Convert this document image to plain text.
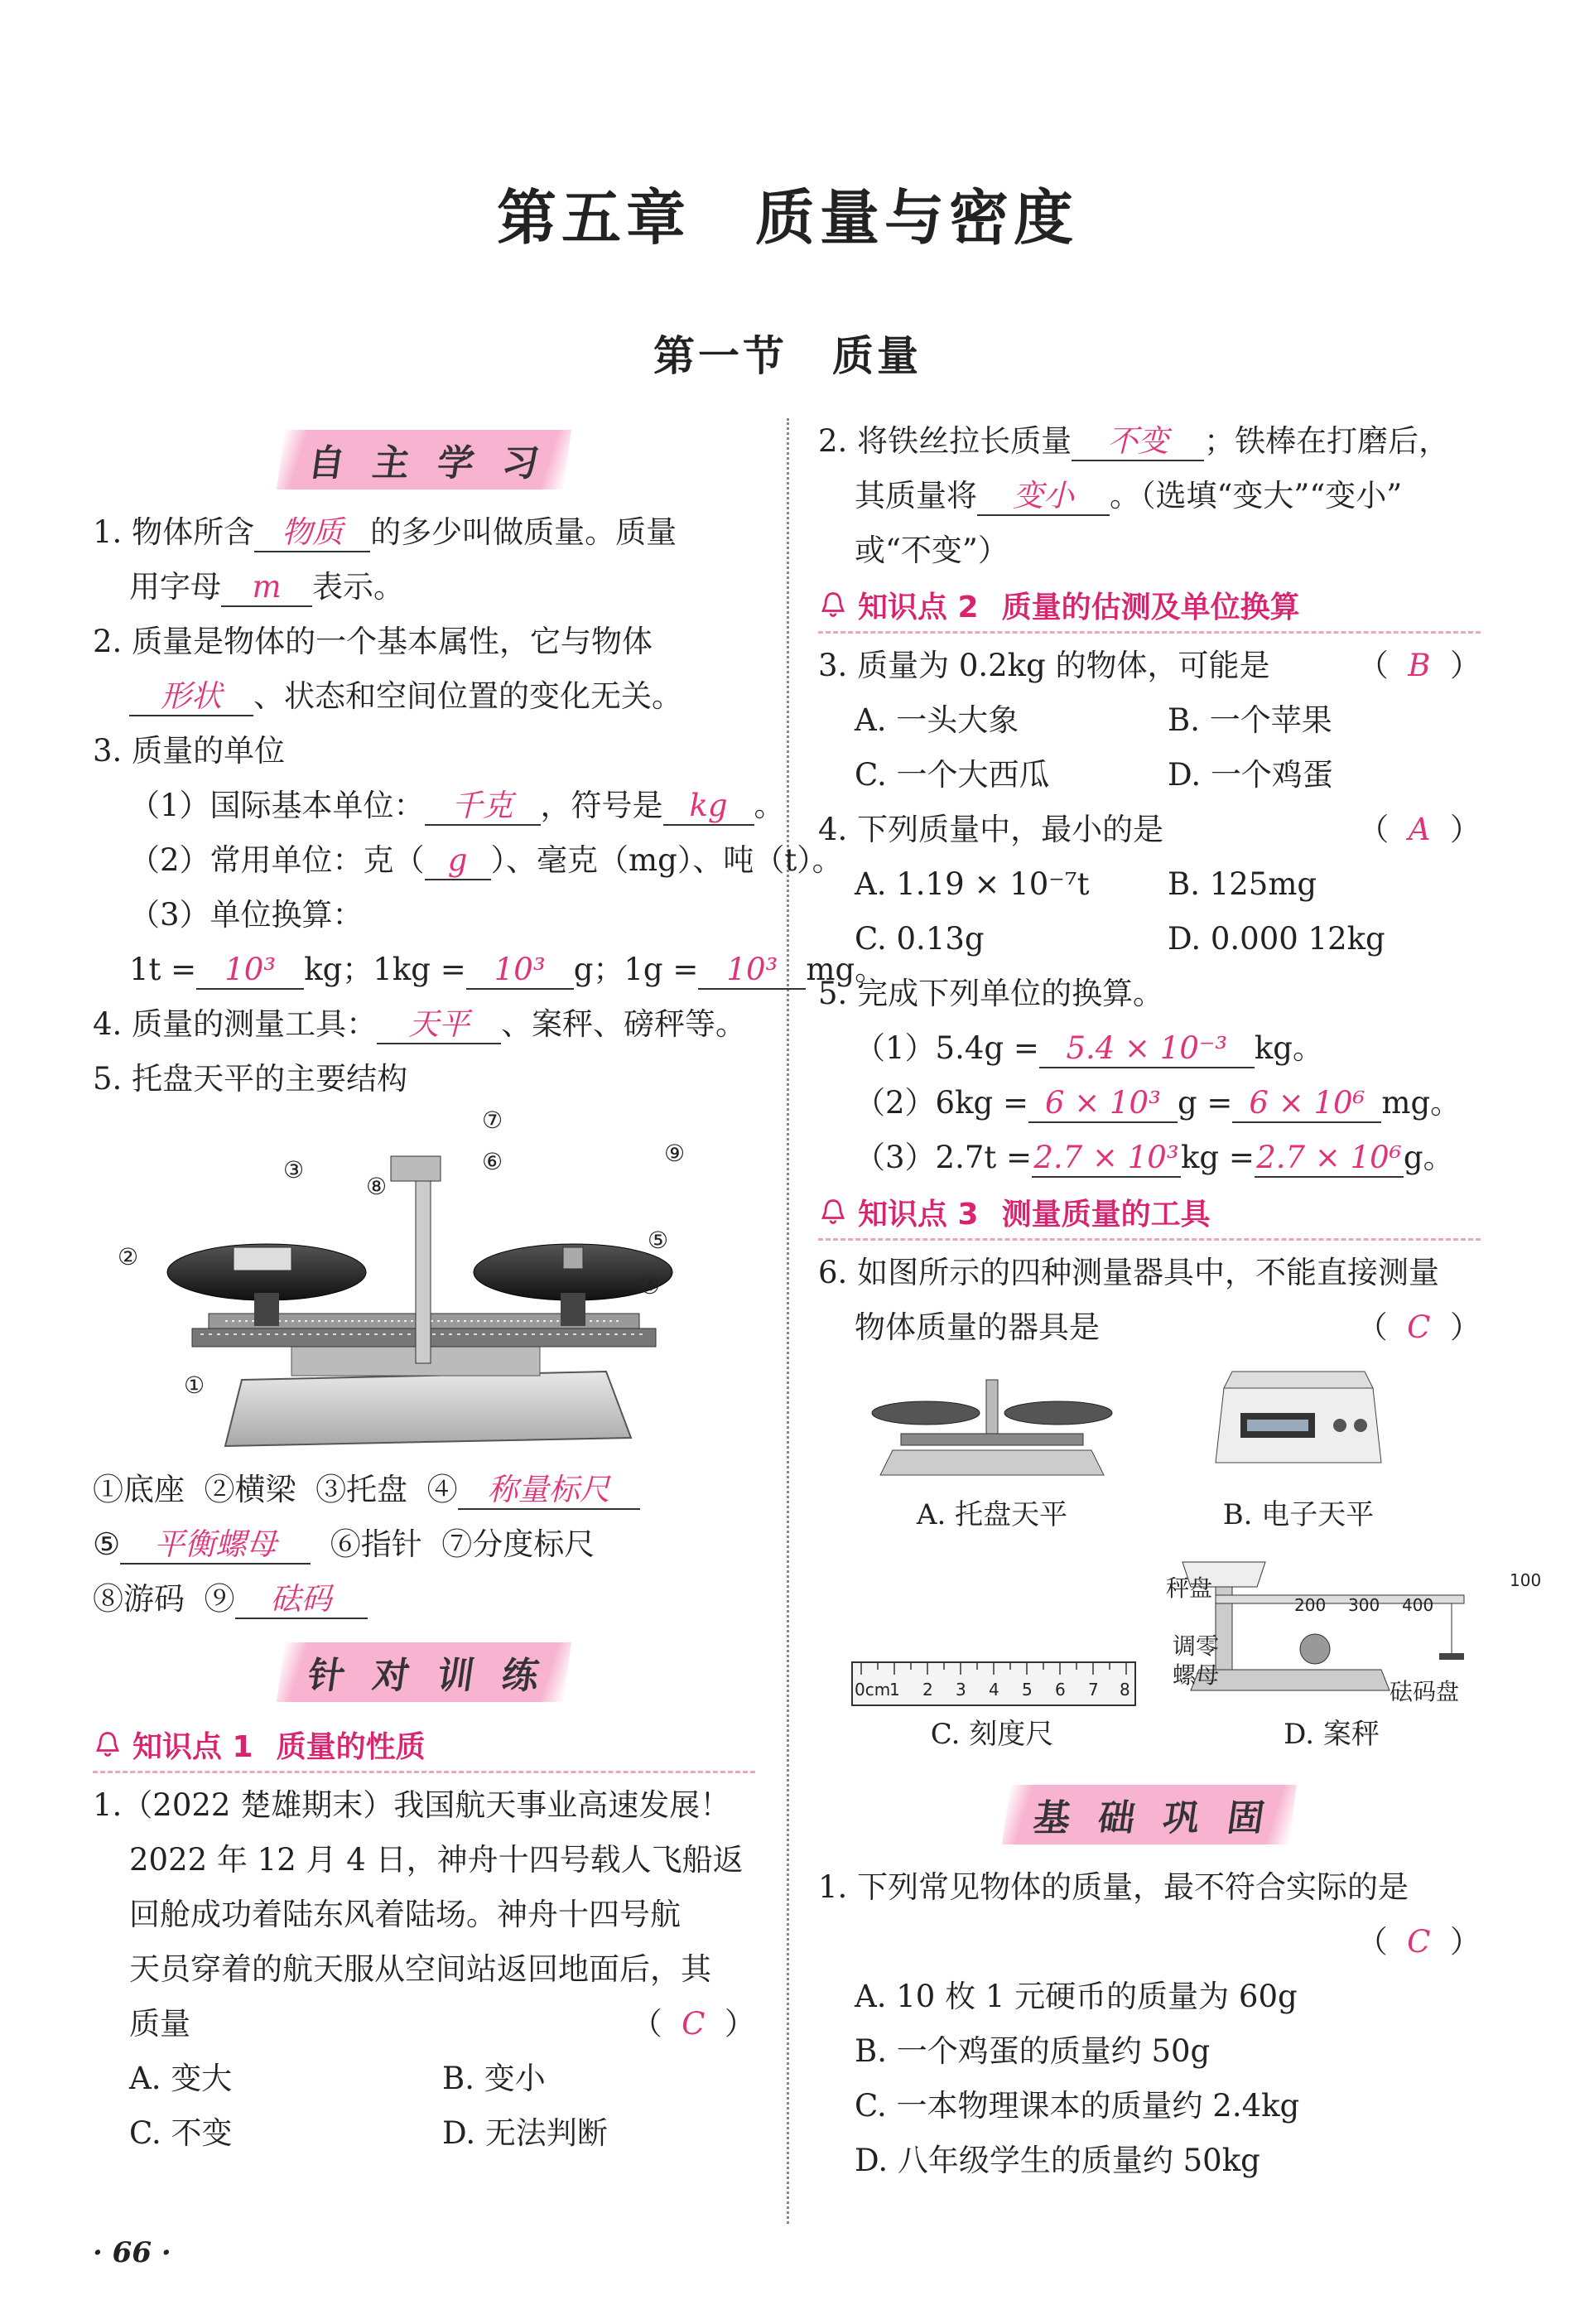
第五章　质量与密度
第一节　质量
自主学习
1. 物体所含 物质 的多少叫做质量。质量
用字母 m 表示。
2. 质量是物体的一个基本属性，它与物体
形状 、状态和空间位置的变化无关。
3. 质量的单位
（1）国际基本单位： 千克 ，符号是 kg 。
（2）常用单位：克（ g ）、毫克（mg）、吨（t）。
（3）单位换算：
1t = 10³ kg；1kg = 10³ g；1g = 10³ mg。
4. 质量的测量工具： 天平 、案秤、磅秤等。
5. 托盘天平的主要结构
②
③
⑧
⑥
⑦
⑨
⑤
④
①
①底座 ②横梁 ③托盘 ④ 称量标尺
⑤ 平衡螺母 ⑥指针 ⑦分度标尺
⑧游码 ⑨ 砝码
针对训练
知识点 1 质量的性质
1.（2022 楚雄期末）我国航天事业高速发展！
2022 年 12 月 4 日，神舟十四号载人飞船返
回舱成功着陆东风着陆场。神舟十四号航
天员穿着的航天服从空间站返回地面后，其
质量	（  C  ）
A. 变大	B. 变小
C. 不变	D. 无法判断
2. 将铁丝拉长质量 不变 ；铁棒在打磨后，
其质量将 变小 。（选填“变大”“变小”
或“不变”）
知识点 2 质量的估测及单位换算
3. 质量为 0.2kg 的物体，可能是	（  B  ）
A. 一头大象	B. 一个苹果
C. 一个大西瓜	D. 一个鸡蛋
4. 下列质量中，最小的是	（  A  ）
A. 1.19 × 10⁻⁷t	B. 125mg
C. 0.13g	D. 0.000 12kg
5. 完成下列单位的换算。
（1）5.4g = 5.4 × 10⁻³ kg。
（2）6kg = 6 × 10³ g = 6 × 10⁶ mg。
（3）2.7t =2.7 × 10³kg =2.7 × 10⁶g。
知识点 3 测量质量的工具
6. 如图所示的四种测量器具中，不能直接测量
物体质量的器具是	（  C  ）
A. 托盘天平	B. 电子天平
100
200 300 400
秤盘
调零
螺母
砝码盘
D. 案秤
0cm
1 2 3 4 5 6 7 8
C. 刻度尺
基础巩固
1. 下列常见物体的质量，最不符合实际的是
（  C  ）
A. 10 枚 1 元硬币的质量为 60g
B. 一个鸡蛋的质量约 50g
C. 一本物理课本的质量约 2.4kg
D. 八年级学生的质量约 50kg
· 66 ·
